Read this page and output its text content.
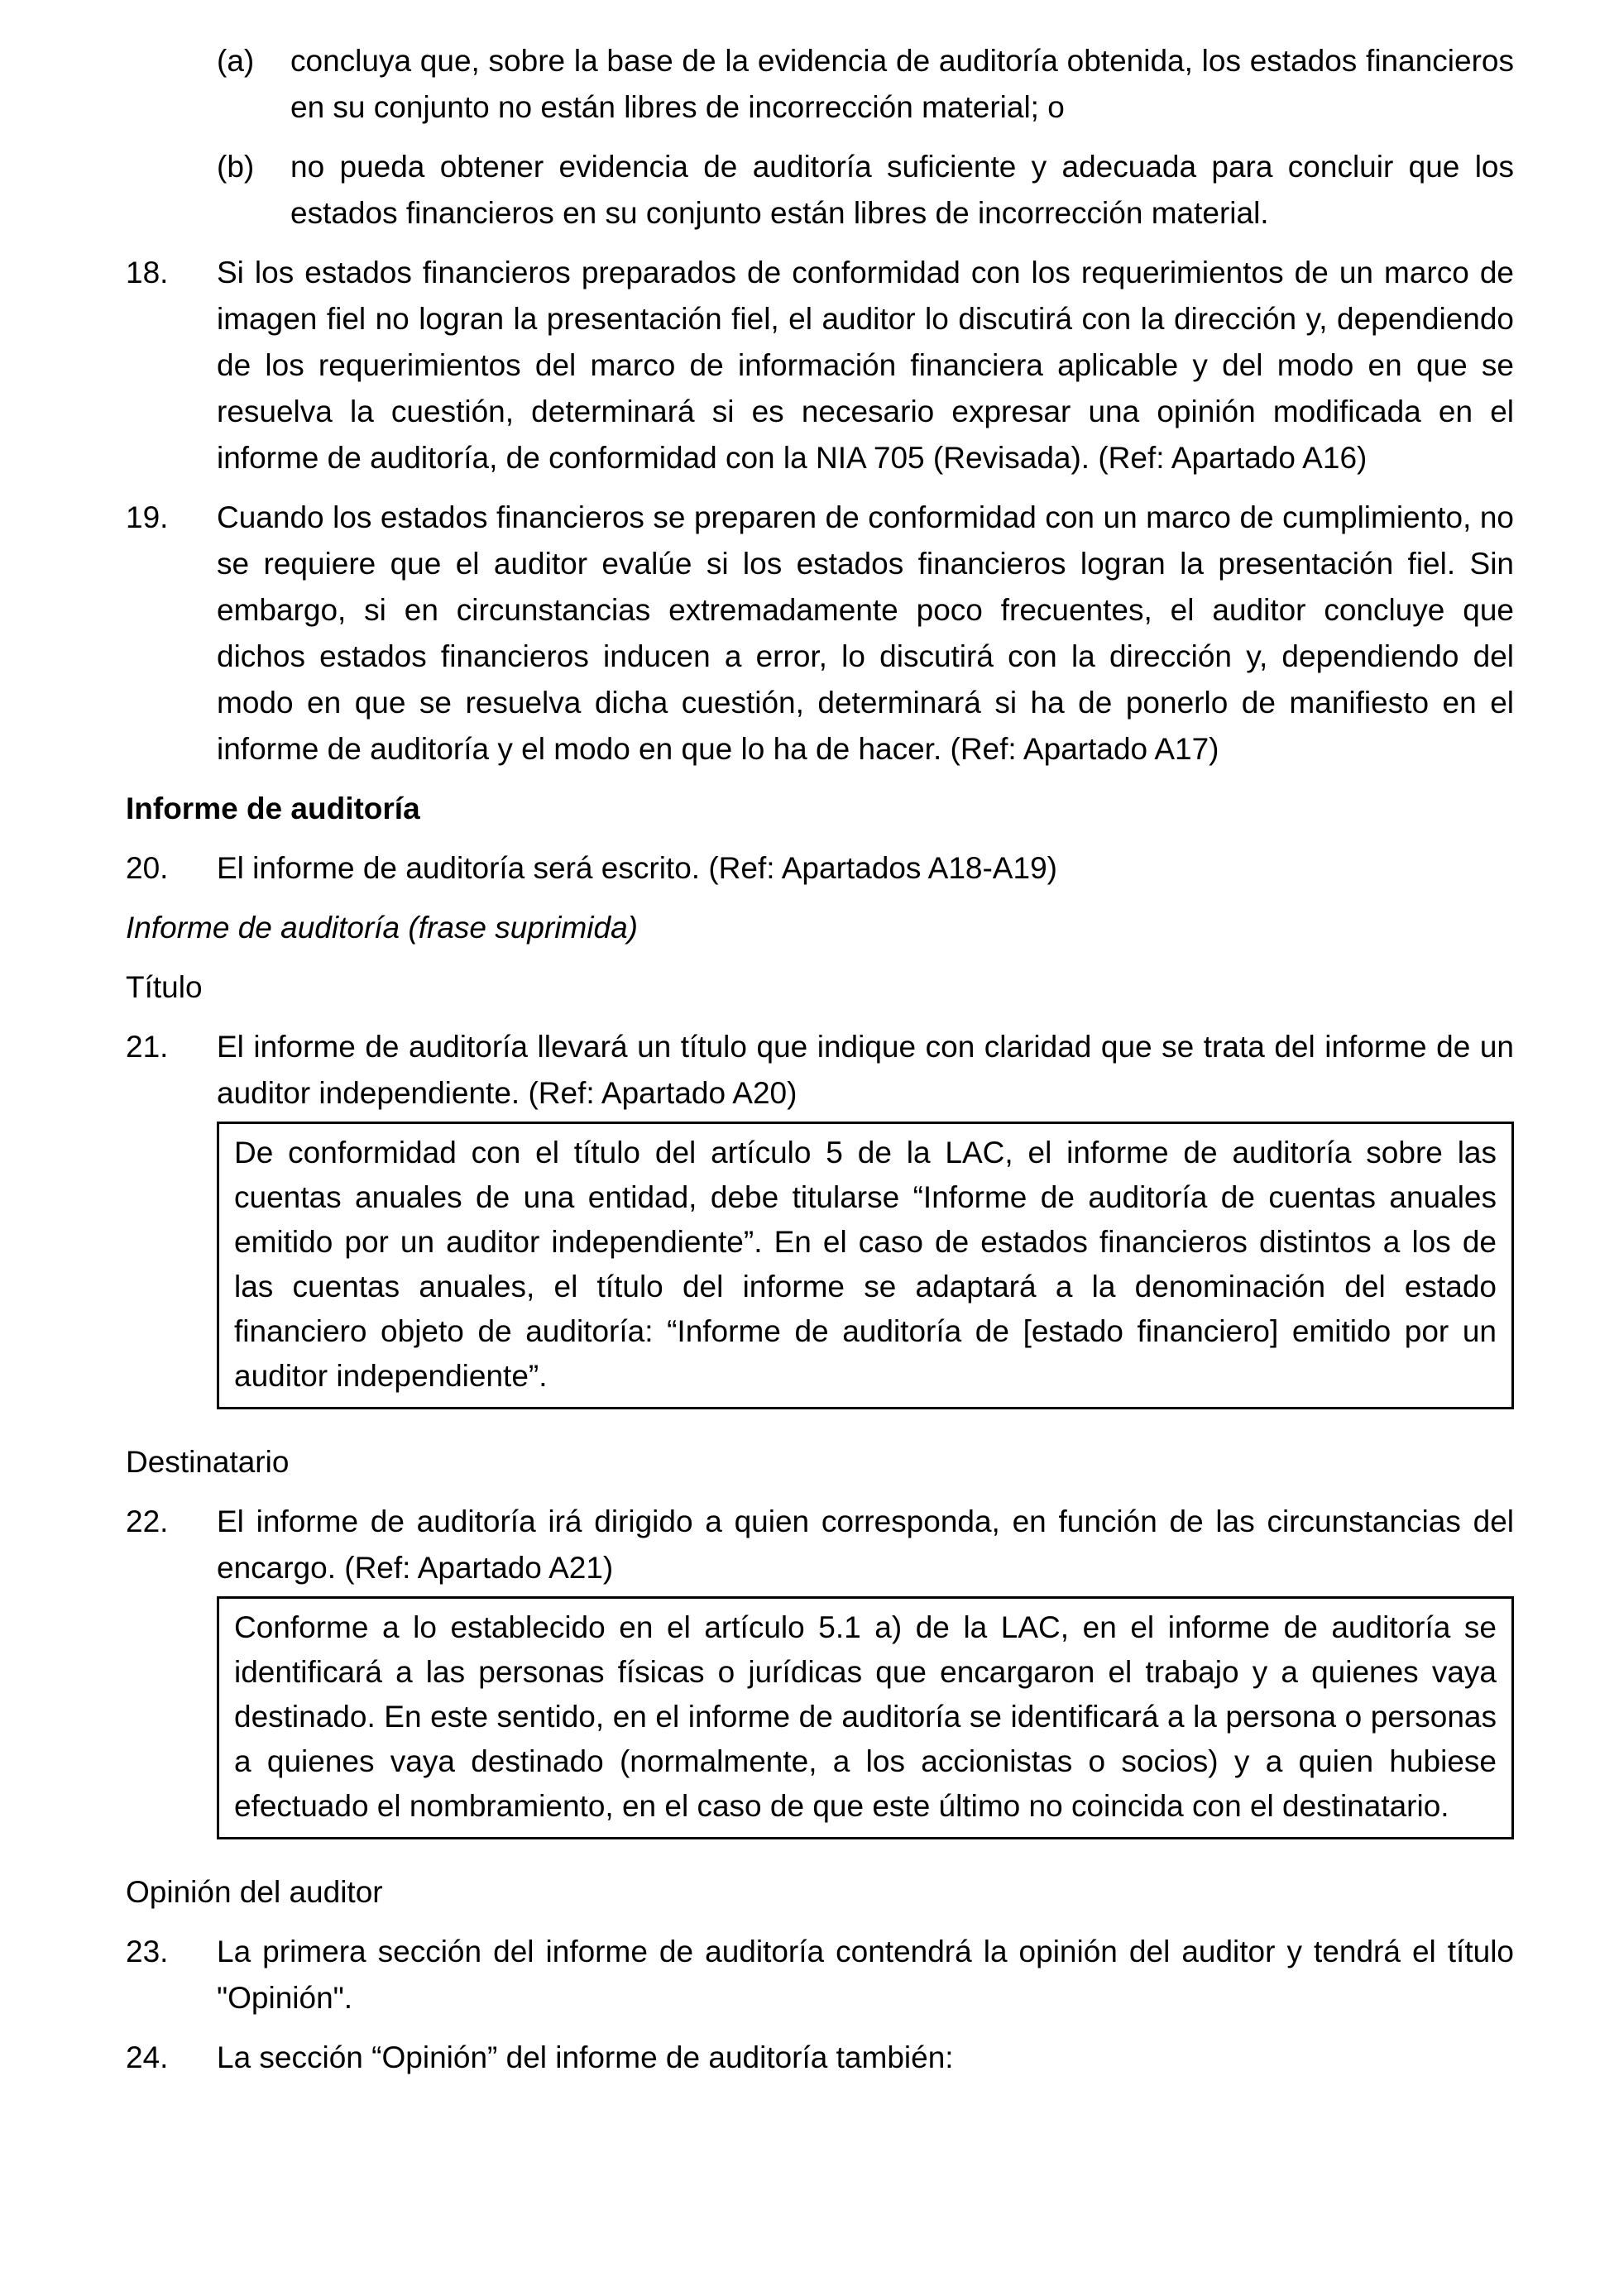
(a)	concluya que, sobre la base de la evidencia de auditoría obtenida, los estados financieros en su conjunto no están libres de incorrección material; o
(b)	no pueda obtener evidencia de auditoría suficiente y adecuada para concluir que los estados financieros en su conjunto están libres de incorrección material.
18.	Si los estados financieros preparados de conformidad con los requerimientos de un marco de imagen fiel no logran la presentación fiel, el auditor lo discutirá con la dirección y, dependiendo de los requerimientos del marco de información financiera aplicable y del modo en que se resuelva la cuestión, determinará si es necesario expresar una opinión modificada en el informe de auditoría, de conformidad con la NIA 705 (Revisada). (Ref: Apartado A16)
19.	Cuando los estados financieros se preparen de conformidad con un marco de cumplimiento, no se requiere que el auditor evalúe si los estados financieros logran la presentación fiel. Sin embargo, si en circunstancias extremadamente poco frecuentes, el auditor concluye que dichos estados financieros inducen a error, lo discutirá con la dirección y, dependiendo del modo en que se resuelva dicha cuestión, determinará si ha de ponerlo de manifiesto en el informe de auditoría y el modo en que lo ha de hacer. (Ref: Apartado A17)
Informe de auditoría
20.	El informe de auditoría será escrito. (Ref: Apartados A18-A19)
Informe de auditoría (frase suprimida)
Título
21.	El informe de auditoría llevará un título que indique con claridad que se trata del informe de un auditor independiente. (Ref: Apartado A20)

De conformidad con el título del artículo 5 de la LAC, el informe de auditoría sobre las cuentas anuales de una entidad, debe titularse “Informe de auditoría de cuentas anuales emitido por un auditor independiente”. En el caso de estados financieros distintos a los de las cuentas anuales, el título del informe se adaptará a la denominación del estado financiero objeto de auditoría: “Informe de auditoría de [estado financiero] emitido por un auditor independiente”.

Destinatario
22.	El informe de auditoría irá dirigido a quien corresponda, en función de las circunstancias del encargo. (Ref: Apartado A21)

Conforme a lo establecido en el artículo 5.1 a) de la LAC, en el informe de auditoría se identificará a las personas físicas o jurídicas que encargaron el trabajo y a quienes vaya destinado. En este sentido, en el informe de auditoría se identificará a la persona o personas a quienes vaya destinado (normalmente, a los accionistas o socios) y a quien hubiese efectuado el nombramiento, en el caso de que este último no coincida con el destinatario.

Opinión del auditor
23.	La primera sección del informe de auditoría contendrá la opinión del auditor y tendrá el título "Opinión".
24.	La sección “Opinión” del informe de auditoría también:
